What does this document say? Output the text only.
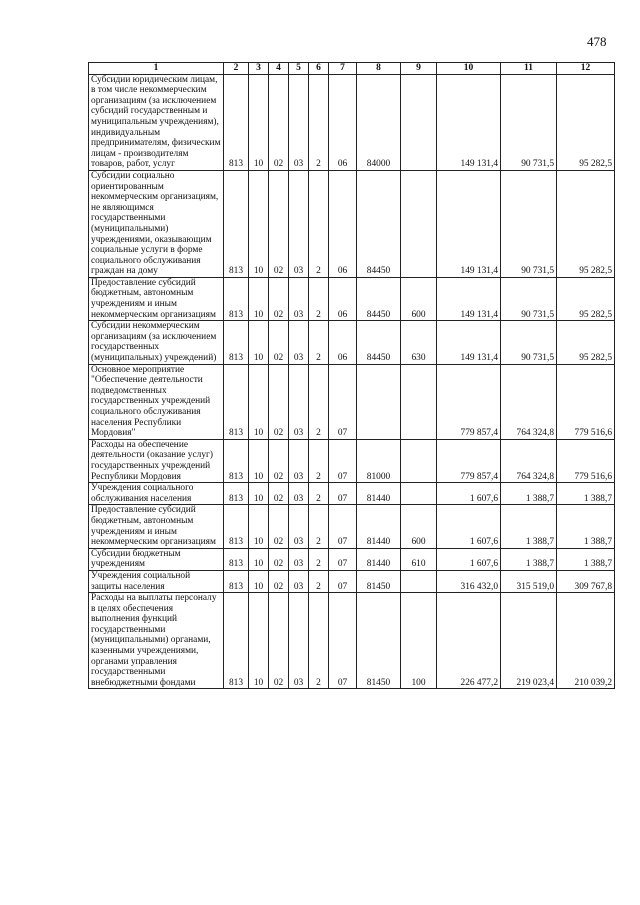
478
1	2	3	4	5	6	7	8	9	10	11	12
Субсидии юридическим лицам, в том числе некоммерческим организациям (за исключением субсидий государственным и муниципальным учреждениям), индивидуальным предпринимателям, физическим лицам - производителям товаров, работ, услуг	813	10	02	03	2	06	84000		149 131,4	90 731,5	95 282,5
Субсидии социально ориентированным некоммерческим организациям, не являющимся государственными (муниципальными) учреждениями, оказывающим социальные услуги в форме социального обслуживания граждан на дому	813	10	02	03	2	06	84450		149 131,4	90 731,5	95 282,5
Предоставление субсидий бюджетным, автономным учреждениям и иным некоммерческим организациям	813	10	02	03	2	06	84450	600	149 131,4	90 731,5	95 282,5
Субсидии некоммерческим организациям (за исключением государственных (муниципальных) учреждений)	813	10	02	03	2	06	84450	630	149 131,4	90 731,5	95 282,5
Основное мероприятие "Обеспечение деятельности подведомственных государственных учреждений социального обслуживания населения Республики Мордовия"	813	10	02	03	2	07			779 857,4	764 324,8	779 516,6
Расходы на обеспечение деятельности (оказание услуг) государственных учреждений Республики Мордовия	813	10	02	03	2	07	81000		779 857,4	764 324,8	779 516,6
Учреждения социального обслуживания населения	813	10	02	03	2	07	81440		1 607,6	1 388,7	1 388,7
Предоставление субсидий бюджетным, автономным учреждениям и иным некоммерческим организациям	813	10	02	03	2	07	81440	600	1 607,6	1 388,7	1 388,7
Субсидии бюджетным учреждениям	813	10	02	03	2	07	81440	610	1 607,6	1 388,7	1 388,7
Учреждения социальной защиты населения	813	10	02	03	2	07	81450		316 432,0	315 519,0	309 767,8
Расходы на выплаты персоналу в целях обеспечения выполнения функций государственными (муниципальными) органами, казенными учреждениями, органами управления государственными внебюджетными фондами	813	10	02	03	2	07	81450	100	226 477,2	219 023,4	210 039,2
